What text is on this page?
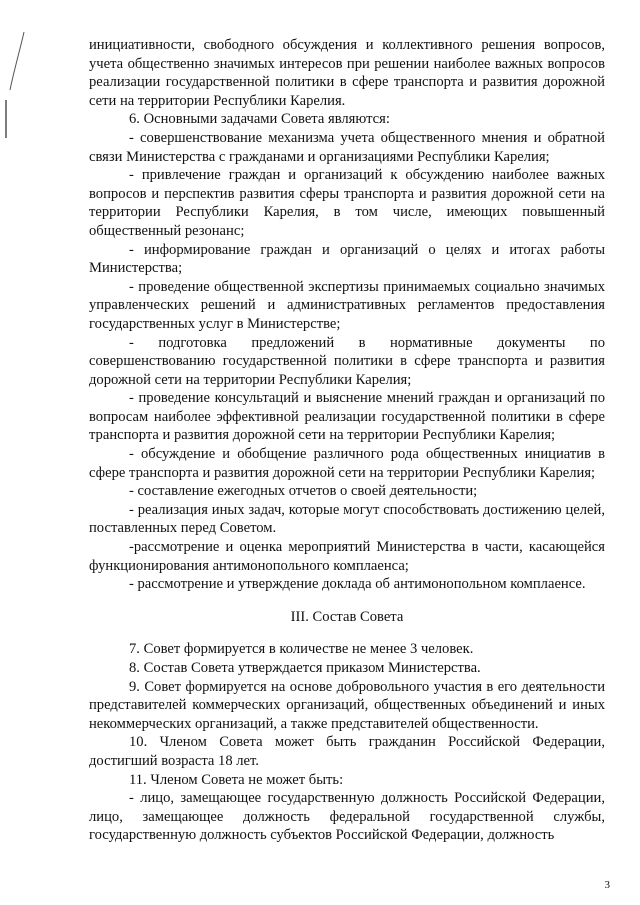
инициативности, свободного обсуждения и коллективного решения вопросов, учета общественно значимых интересов при решении наиболее важных вопросов реализации государственной политики в сфере транспорта и развития дорожной сети на территории Республики Карелия.

6. Основными задачами Совета являются:

- совершенствование механизма учета общественного мнения и обратной связи Министерства с гражданами и организациями Республики Карелия;

- привлечение граждан и организаций к обсуждению наиболее важных вопросов и перспектив развития сферы транспорта и развития дорожной сети на территории Республики Карелия, в том числе, имеющих повышенный общественный резонанс;

- информирование граждан и организаций о целях и итогах работы Министерства;

- проведение общественной экспертизы принимаемых социально значимых управленческих решений и административных регламентов предоставления государственных услуг в Министерстве;

- подготовка предложений в нормативные документы по совершенствованию государственной политики в сфере транспорта и развития дорожной сети на территории Республики Карелия;

- проведение консультаций и выяснение мнений граждан и организаций по вопросам наиболее эффективной реализации государственной политики в сфере транспорта и развития дорожной сети на территории Республики Карелия;

- обсуждение и обобщение различного рода общественных инициатив в сфере транспорта и развития дорожной сети на территории Республики Карелия;

- составление ежегодных отчетов о своей деятельности;

- реализация иных задач, которые могут способствовать достижению целей, поставленных перед Советом.

-рассмотрение и оценка мероприятий Министерства в части, касающейся функционирования антимонопольного комплаенса;

- рассмотрение и утверждение доклада об антимонопольном комплаенсе.

III. Состав Совета

7. Совет формируется в количестве не менее 3 человек.

8. Состав Совета утверждается приказом Министерства.

9. Совет формируется на основе добровольного участия в его деятельности представителей коммерческих организаций, общественных объединений и иных некоммерческих организаций, а также представителей общественности.

10. Членом Совета может быть гражданин Российской Федерации, достигший возраста 18 лет.

11. Членом Совета не может быть:

- лицо, замещающее государственную должность Российской Федерации, лицо, замещающее должность федеральной государственной службы, государственную должность субъектов Российской Федерации, должность

3
